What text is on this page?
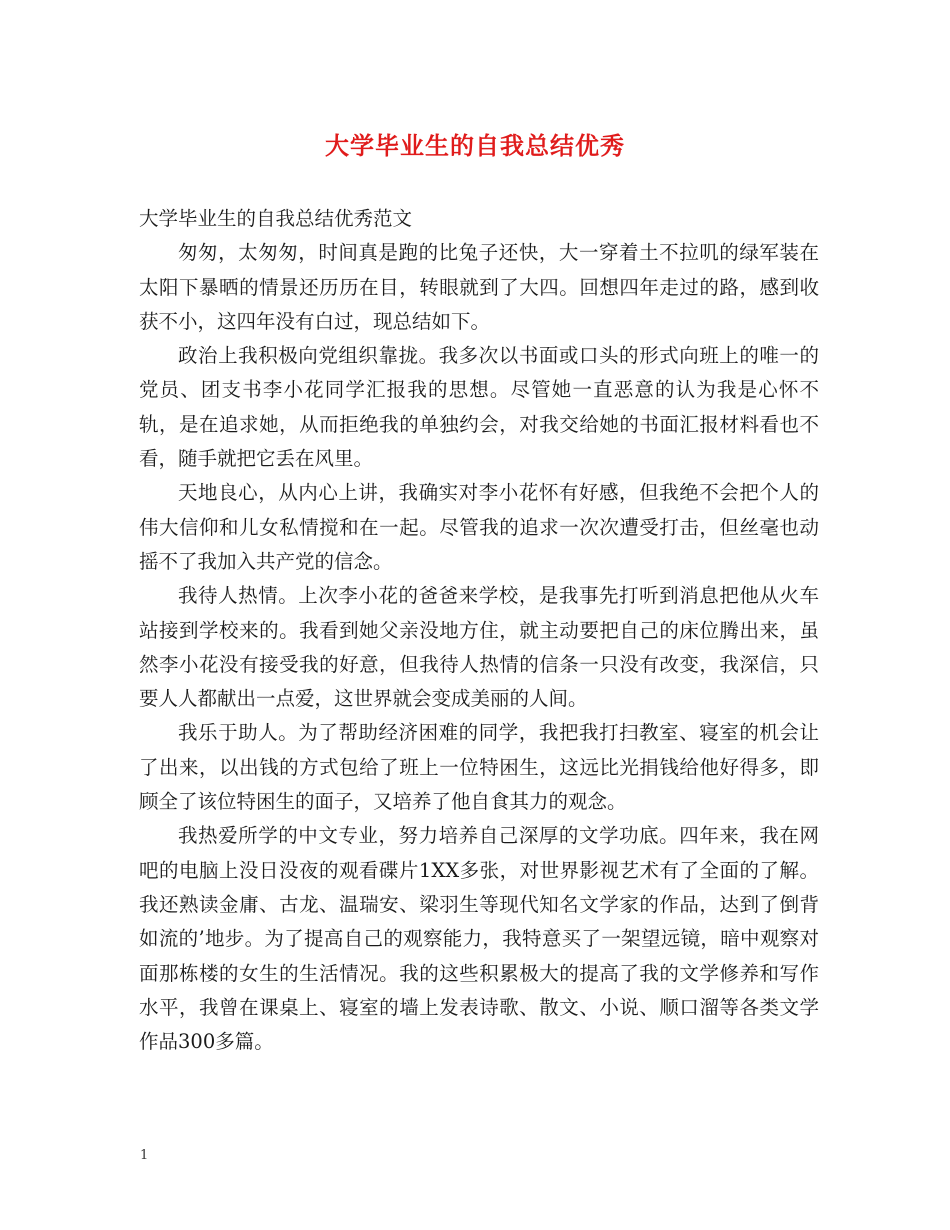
大学毕业生的自我总结优秀

大学毕业生的自我总结优秀范文

匆匆，太匆匆，时间真是跑的比兔子还快，大一穿着土不拉叽的绿军装在太阳下暴晒的情景还历历在目，转眼就到了大四。回想四年走过的路，感到收获不小，这四年没有白过，现总结如下。

政治上我积极向党组织靠拢。我多次以书面或口头的形式向班上的唯一的党员、团支书李小花同学汇报我的思想。尽管她一直恶意的认为我是心怀不轨，是在追求她，从而拒绝我的单独约会，对我交给她的书面汇报材料看也不看，随手就把它丢在风里。

天地良心，从内心上讲，我确实对李小花怀有好感，但我绝不会把个人的伟大信仰和儿女私情搅和在一起。尽管我的追求一次次遭受打击，但丝毫也动摇不了我加入共产党的信念。

我待人热情。上次李小花的爸爸来学校，是我事先打听到消息把他从火车站接到学校来的。我看到她父亲没地方住，就主动要把自己的床位腾出来，虽然李小花没有接受我的好意，但我待人热情的信条一只没有改变，我深信，只要人人都献出一点爱，这世界就会变成美丽的人间。

我乐于助人。为了帮助经济困难的同学，我把我打扫教室、寝室的机会让了出来，以出钱的方式包给了班上一位特困生，这远比光捐钱给他好得多，即顾全了该位特困生的面子，又培养了他自食其力的观念。

我热爱所学的中文专业，努力培养自己深厚的文学功底。四年来，我在网吧的电脑上没日没夜的观看碟片1XX多张，对世界影视艺术有了全面的了解。我还熟读金庸、古龙、温瑞安、梁羽生等现代知名文学家的作品，达到了倒背如流的’地步。为了提高自己的观察能力，我特意买了一架望远镜，暗中观察对面那栋楼的女生的生活情况。我的这些积累极大的提高了我的文学修养和写作水平，我曾在课桌上、寝室的墙上发表诗歌、散文、小说、顺口溜等各类文学作品300多篇。

1
